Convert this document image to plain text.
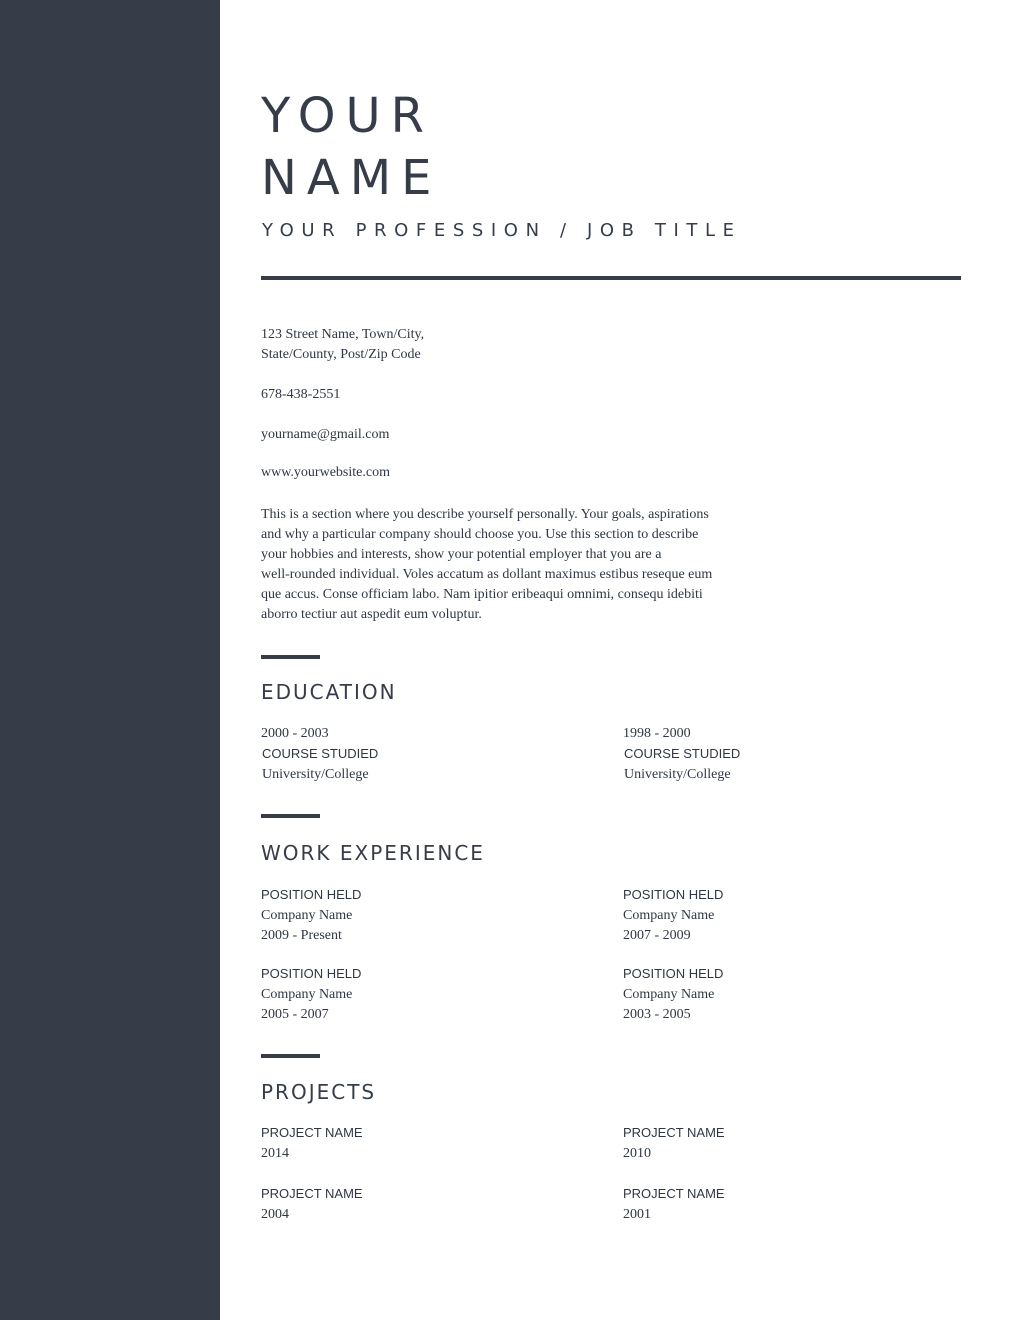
YOUR
NAME
YOUR PROFESSION / JOB TITLE
123 Street Name, Town/City,
State/County, Post/Zip Code
678-438-2551
yourname@gmail.com
www.yourwebsite.com
This is a section where you describe yourself personally. Your goals, aspirations
and why a particular company should choose you. Use this section to describe
your hobbies and interests, show your potential employer that you are a
well-rounded individual. Voles accatum as dollant maximus estibus reseque eum
que accus. Conse officiam labo. Nam ipitior eribeaqui omnimi, consequ idebiti
aborro tectiur aut aspedit eum voluptur.
EDUCATION
2000 - 2003
COURSE STUDIED
University/College
1998 - 2000
COURSE STUDIED
University/College
WORK EXPERIENCE
POSITION HELD
Company Name
2009 - Present
POSITION HELD
Company Name
2007 - 2009
POSITION HELD
Company Name
2005 - 2007
POSITION HELD
Company Name
2003 - 2005
PROJECTS
PROJECT NAME
2014
PROJECT NAME
2010
PROJECT NAME
2004
PROJECT NAME
2001
